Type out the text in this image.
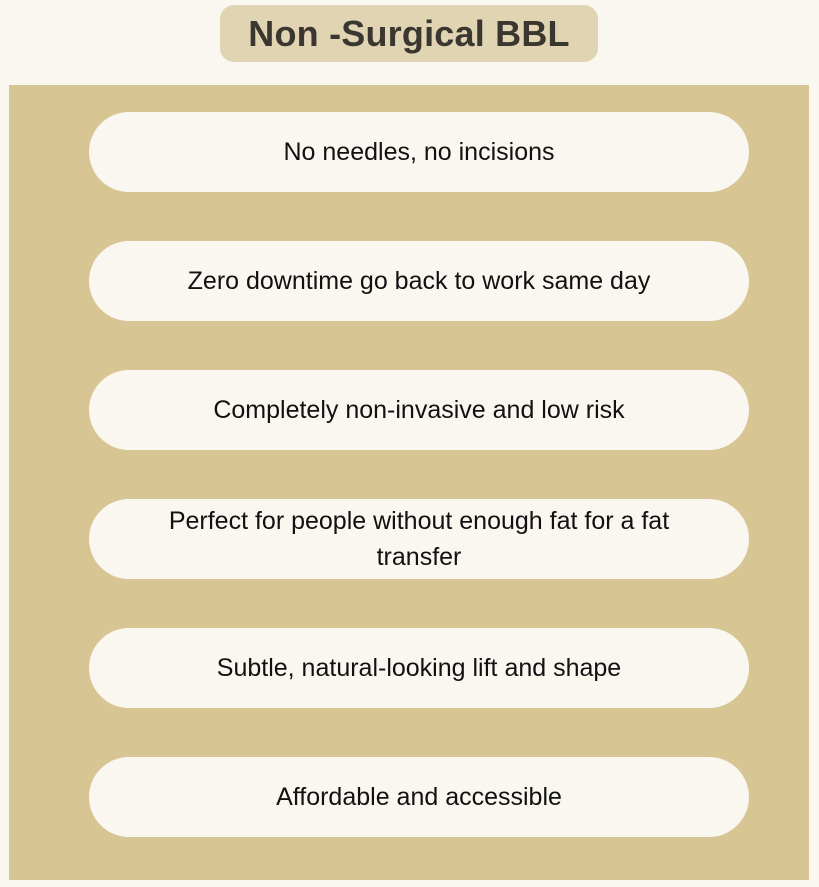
Non -Surgical BBL
No needles, no incisions
Zero downtime go back to work same day
Completely non-invasive and low risk
Perfect for people without enough fat for a fat transfer
Subtle, natural-looking lift and shape
Affordable and accessible
